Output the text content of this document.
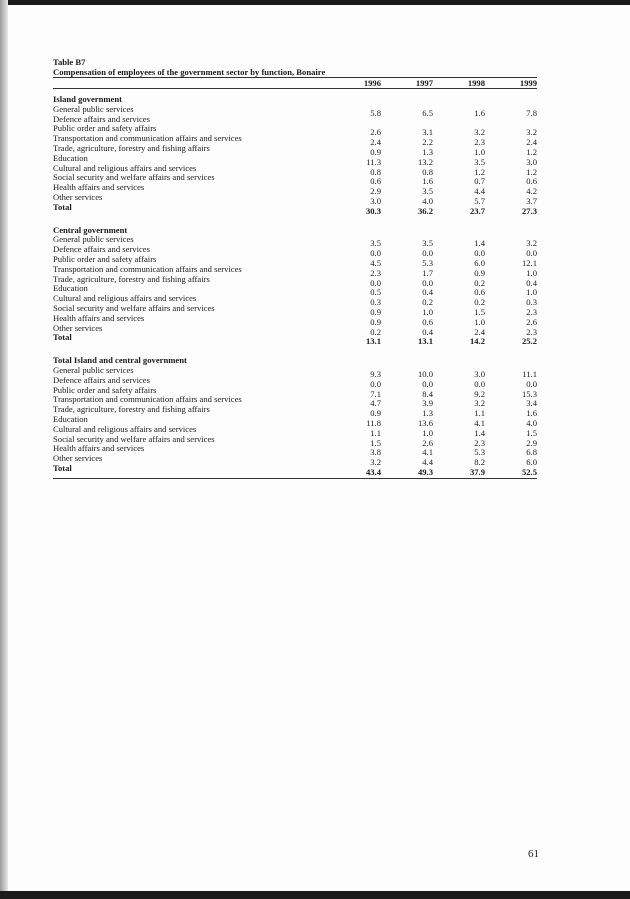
Table B7
Compensation of employees of the government sector by function, Bonaire
1996	1997	1998	1999
Island government
General public services	5.8	6.5	1.6	7.8
Defence affairs and services
Public order and safety affairs	2.6	3.1	3.2	3.2
Transportation and communication affairs and services	2.4	2.2	2.3	2.4
Trade, agriculture, forestry and fishing affairs	0.9	1.3	1.0	1.2
Education	11.3	13.2	3.5	3.0
Cultural and religious affairs and services	0.8	0.8	1.2	1.2
Social security and welfare affairs and services	0.6	1.6	0.7	0.6
Health affairs and services	2.9	3.5	4.4	4.2
Other services	3.0	4.0	5.7	3.7
Total	30.3	36.2	23.7	27.3
Central government
General public services	3.5	3.5	1.4	3.2
Defence affairs and services	0.0	0.0	0.0	0.0
Public order and safety affairs	4.5	5.3	6.0	12.1
Transportation and communication affairs and services	2.3	1.7	0.9	1.0
Trade, agriculture, forestry and fishing affairs	0.0	0.0	0.2	0.4
Education	0.5	0.4	0.6	1.0
Cultural and religious affairs and services	0.3	0.2	0.2	0.3
Social security and welfare affairs and services	0.9	1.0	1.5	2.3
Health affairs and services	0.9	0.6	1.0	2.6
Other services	0.2	0.4	2.4	2.3
Total	13.1	13.1	14.2	25.2
Total Island and central government
General public services	9.3	10.0	3.0	11.1
Defence affairs and services	0.0	0.0	0.0	0.0
Public order and safety affairs	7.1	8.4	9.2	15.3
Transportation and communication affairs and services	4.7	3.9	3.2	3.4
Trade, agriculture, forestry and fishing affairs	0.9	1.3	1.1	1.6
Education	11.8	13.6	4.1	4.0
Cultural and religious affairs and services	1.1	1.0	1.4	1.5
Social security and welfare affairs and services	1.5	2.6	2.3	2.9
Health affairs and services	3.8	4.1	5.3	6.8
Other services	3.2	4.4	8.2	6.0
Total	43.4	49.3	37.9	52.5
61
